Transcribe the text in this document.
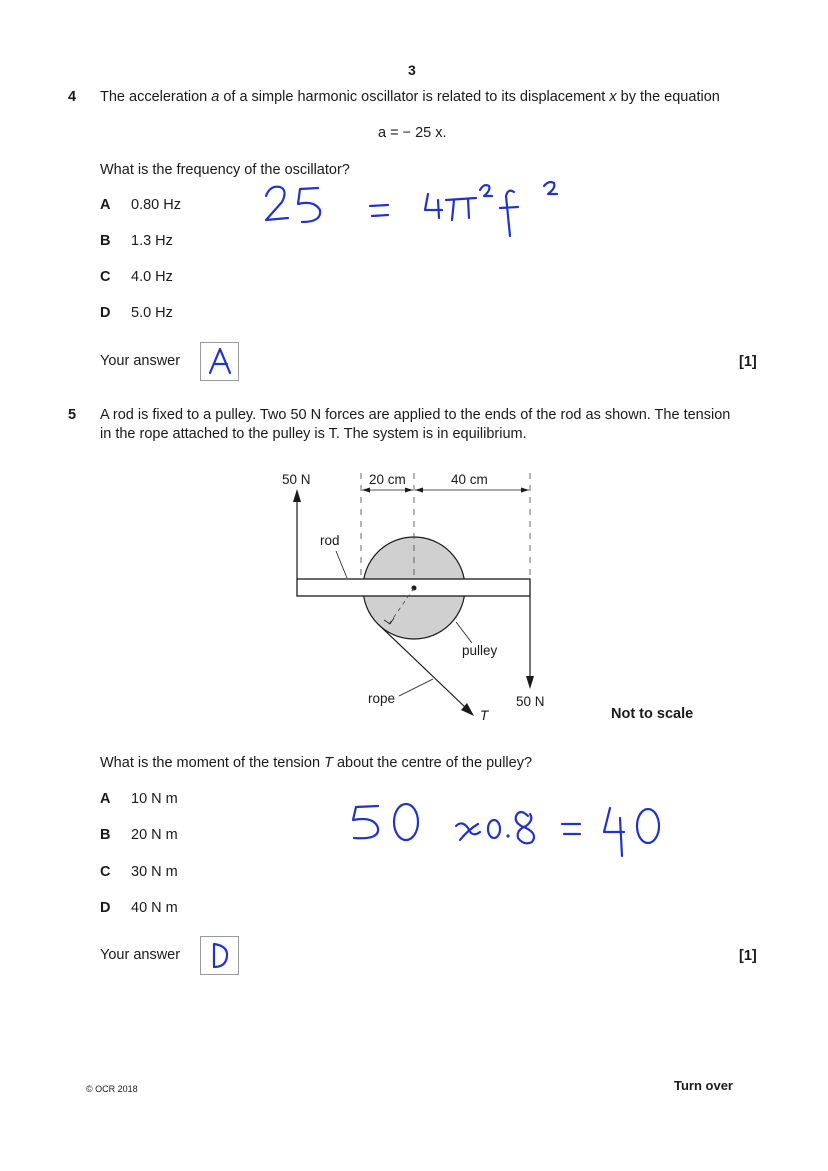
3
4 The acceleration a of a simple harmonic oscillator is related to its displacement x by the equation
a = − 25 x.
What is the frequency of the oscillator?
A 0.80 Hz
B 1.3 Hz
C 4.0 Hz
D 5.0 Hz
Your answer	[1]
5 A rod is fixed to a pulley. Two 50 N forces are applied to the ends of the rod as shown. The tension
in the rope attached to the pulley is T. The system is in equilibrium.
50 N	20 cm	40 cm
rod
pulley
rope	50 N
T	Not to scale
What is the moment of the tension T about the centre of the pulley?
A 10 N m
B 20 N m
C 30 N m
D 40 N m
Your answer	[1]
© OCR 2018	Turn over
